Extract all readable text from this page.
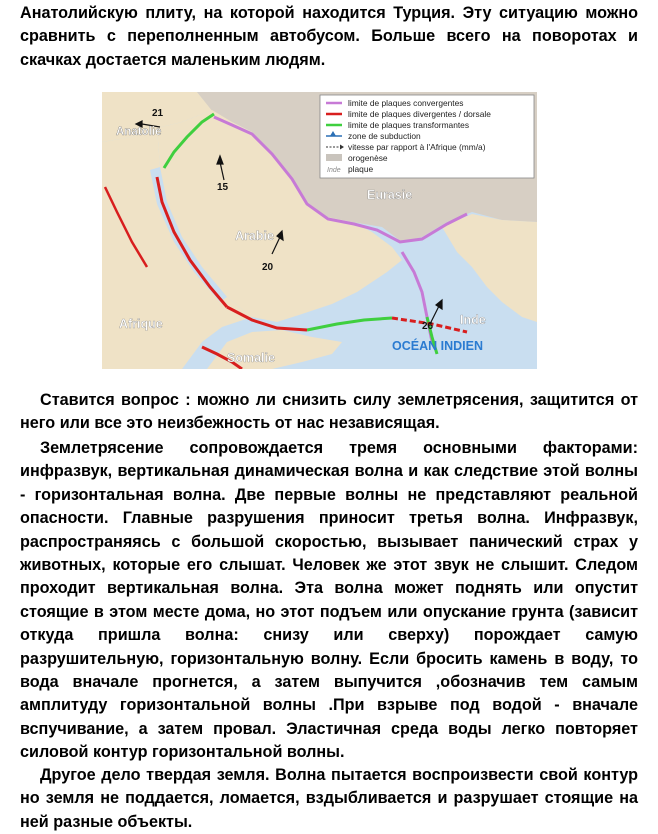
Анатолийскую плиту, на которой находится Турция. Эту ситуацию можно сравнить с переполненным автобусом. Больше всего на поворотах и скачках достается маленьким людям.

Anatolie
Arabie
Eurasie
Afrique
Somalie
Inde
OCÉAN INDIEN
21
15
20
26
limite de plaques convergentes
limite de plaques divergentes / dorsale
limite de plaques transformantes
zone de subduction
vitesse par rapport à l'Afrique (mm/a)
orogenèse
Inde plaque

Ставится вопрос : можно ли снизить силу землетрясения, защитится от него или все это неизбежность от нас независящая.

Землетрясение сопровождается тремя основными факторами: инфразвук, вертикальная динамическая волна и как следствие этой волны - горизонтальная волна. Две первые волны не представляют реальной опасности. Главные разрушения приносит третья волна. Инфразвук, распространяясь с большой скоростью, вызывает панический страх у животных, которые его слышат. Человек же этот звук не слышит. Следом проходит вертикальная волна. Эта волна может поднять или опустит стоящие в этом месте дома, но этот подъем или опускание грунта (зависит откуда пришла волна: снизу или сверху) порождает самую разрушительную, горизонтальную волну. Если бросить камень в воду, то вода вначале прогнется, а затем выпучится ,обозначив тем самым амплитуду горизонтальной волны .При взрыве под водой - вначале вспучивание, а затем провал. Эластичная среда воды легко повторяет силовой контур горизонтальной волны.

Другое дело твердая земля. Волна пытается воспроизвести свой контур но земля не поддается, ломается, вздыбливается и разрушает стоящие на ней разные объекты.
